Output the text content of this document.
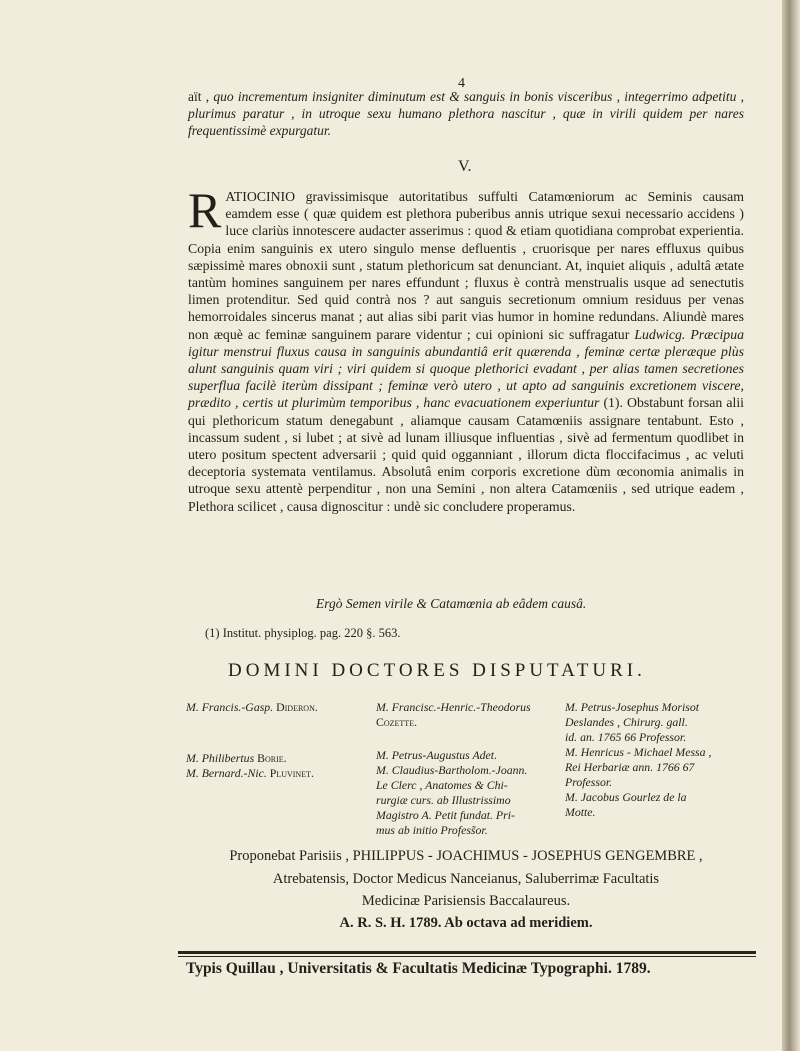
4
aït , quo incrementum insigniter diminutum est & sanguis in bonis visceribus , integerrimo adpetitu , plurimus paratur , in utroque sexu humano plethora nascitur , quæ in virili quidem per nares frequentissimè expurgatur.
V.
RATIOCINIO gravissimisque autoritatibus suffulti Catamœniorum ac Seminis causam eamdem esse ( quæ quidem est plethora puberibus annis utrique sexui necessario accidens ) luce clariùs innotescere audacter asserimus : quod & etiam quotidiana comprobat experientia. Copia enim sanguinis ex utero singulo mense defluentis , cruorisque per nares effluxus quibus sæpissimè mares obnoxii sunt , statum plethoricum sat denunciant. At, inquiet aliquis , adultâ ætate tantùm homines sanguinem per nares effundunt ; fluxus è contrà menstrualis usque ad senectutis limen protenditur. Sed quid contrà nos ? aut sanguis secretionum omnium residuus per venas hemorroidales sincerus manat ; aut alias sibi parit vias humor in homine redundans. Aliundè mares non æquè ac feminæ sanguinem parare videntur ; cui opinioni sic suffragatur Ludwicg. Præcipua igitur menstrui fluxus causa in sanguinis abundantiâ erit quærenda , feminæ certæ pleræque plùs alunt sanguinis quam viri ; viri quidem si quoque plethorici evadant , per alias tamen secretiones superflua facilè iterùm dissipant ; feminæ verò utero , ut apto ad sanguinis excretionem viscere, prædito , certis ut plurimùm temporibus , hanc evacuationem experiuntur (1). Obstabunt forsan alii qui plethoricum statum denegabunt , aliamque causam Catamœniis assignare tentabunt. Esto , incassum sudent , si lubet ; at sivè ad lunam illiusque influentias , sivè ad fermentum quodlibet in utero positum spectent adversarii ; quid quid ogganniant , illorum dicta floccifacimus , ac veluti deceptoria systemata ventilamus. Absolutâ enim corporis excretione dùm œconomia animalis in utroque sexu attentè perpenditur , non una Semini , non altera Catamœniis , sed utrique eadem , Plethora scilicet , causa dignoscitur : undè sic concludere properamus.
Ergò Semen virile & Catamœnia ab eâdem causâ.
(1) Institut. physiplog. pag. 220 §. 563.
DOMINI DOCTORES DISPUTATURI.
M. Francis.-Gasp. Dideron.
M. Philibertus Borie.
M. Bernard.-Nic. Pluvinet.
M. Francisc.-Henric.-Theodorus
Cozette.
M. Petrus-Augustus Adet.
M. Claudius-Bartholom.-Joann.
Le Clerc , Anatomes & Chi-
rurgiæ curs. ab Illustrissimo
Magistro A. Petit fundat. Pri-
mus ab initio Profess̃or.
M. Petrus-Josephus Morisot
Deslandes , Chirurg. gall.
id. an. 1765 66 Professor.
M. Henricus - Michael Messa ,
Rei Herbariæ ann. 1766 67
Professor.
M. Jacobus Gourlez de la
Motte.
Proponebat Parisiis , PHILIPPUS - JOACHIMUS - JOSEPHUS GENGEMBRE ,
Atrebatensis, Doctor Medicus Nanceianus, Saluberrimæ Facultatis
Medicinæ Parisiensis Baccalaureus.
A. R. S. H. 1789. Ab octava ad meridiem.
Typis Quillau , Universitatis & Facultatis Medicinæ Typographi. 1789.
